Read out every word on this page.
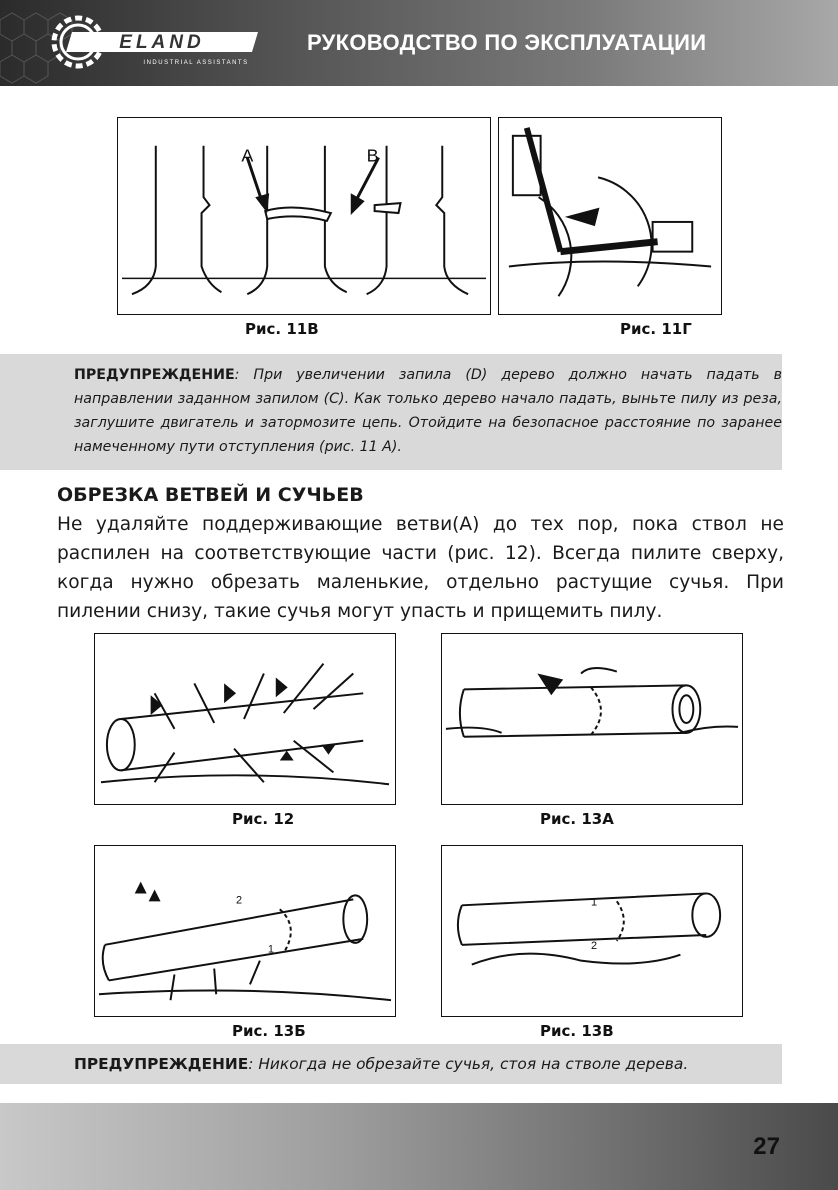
ELAND
INDUSTRIAL ASSISTANTS
РУКОВОДСТВО ПО ЭКСПЛУАТАЦИИ
A	B
Рис. 11В	Рис. 11Г
ПРЕДУПРЕЖДЕНИЕ: При увеличении запила (D) дерево должно начать падать в направлении заданном запилом (С). Как только дерево начало падать, выньте пилу из реза, заглушите двигатель и затормозите цепь. Отойдите на безопасное расстояние по заранее намеченному пути отступления (рис. 11 А).
ОБРЕЗКА ВЕТВЕЙ И СУЧЬЕВ
Не удаляйте поддерживающие ветви(А) до тех пор, пока ствол не распилен на соответствующие части (рис. 12). Всегда пилите сверху, когда нужно обрезать маленькие, отдельно растущие сучья. При пилении снизу, такие сучья могут упасть и прищемить пилу.
Рис. 12	Рис. 13А
2
1
Рис. 13Б
1
2
Рис. 13В
ПРЕДУПРЕЖДЕНИЕ: Никогда не обрезайте сучья, стоя на стволе дерева.
27
